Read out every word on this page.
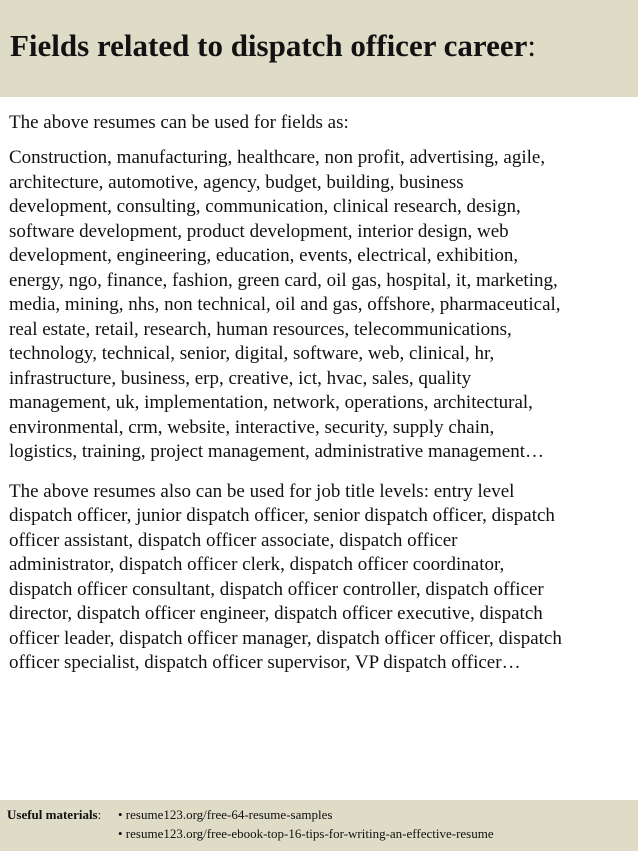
Fields related to dispatch officer career:

The above resumes can be used for fields as:

Construction, manufacturing, healthcare, non profit, advertising, agile,
architecture, automotive, agency, budget, building, business
development, consulting, communication, clinical research, design,
software development, product development, interior design, web
development, engineering, education, events, electrical, exhibition,
energy, ngo, finance, fashion, green card, oil gas, hospital, it, marketing,
media, mining, nhs, non technical, oil and gas, offshore, pharmaceutical,
real estate, retail, research, human resources, telecommunications,
technology, technical, senior, digital, software, web, clinical, hr,
infrastructure, business, erp, creative, ict, hvac, sales, quality
management, uk, implementation, network, operations, architectural,
environmental, crm, website, interactive, security, supply chain,
logistics, training, project management, administrative management…

The above resumes also can be used for job title levels: entry level
dispatch officer, junior dispatch officer, senior dispatch officer, dispatch
officer assistant, dispatch officer associate, dispatch officer
administrator, dispatch officer clerk, dispatch officer coordinator,
dispatch officer consultant, dispatch officer controller, dispatch officer
director, dispatch officer engineer, dispatch officer executive, dispatch
officer leader, dispatch officer manager, dispatch officer officer, dispatch
officer specialist, dispatch officer supervisor, VP dispatch officer…

Useful materials:	• resume123.org/free-64-resume-samples
• resume123.org/free-ebook-top-16-tips-for-writing-an-effective-resume
